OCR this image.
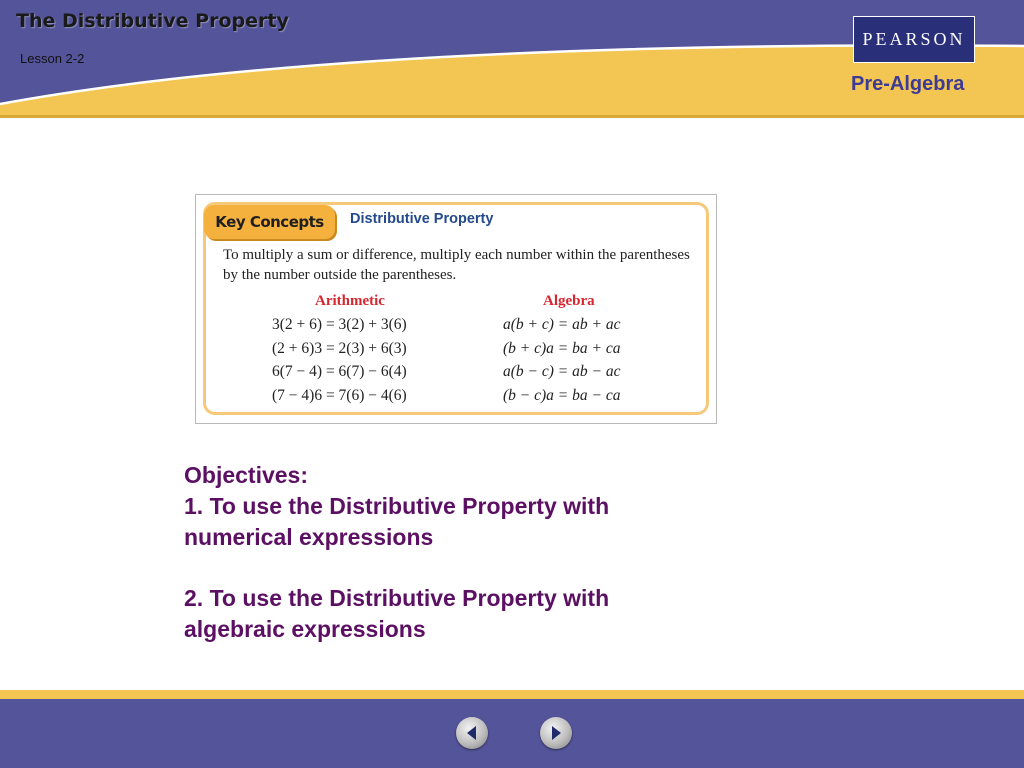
The Distributive Property
Lesson 2-2
PEARSON
Pre-Algebra
Key Concepts	Distributive Property
To multiply a sum or difference, multiply each number within the parentheses by the number outside the parentheses.
Arithmetic	Algebra
3(2 + 6) = 3(2) + 3(6)
(2 + 6)3 = 2(3) + 6(3)
6(7 − 4) = 6(7) − 6(4)
(7 − 4)6 = 7(6) − 4(6)
a(b + c) = ab + ac
(b + c)a = ba + ca
a(b − c) = ab − ac
(b − c)a = ba − ca
Objectives:
1. To use the Distributive Property with
numerical expressions
2. To use the Distributive Property with
algebraic expressions
